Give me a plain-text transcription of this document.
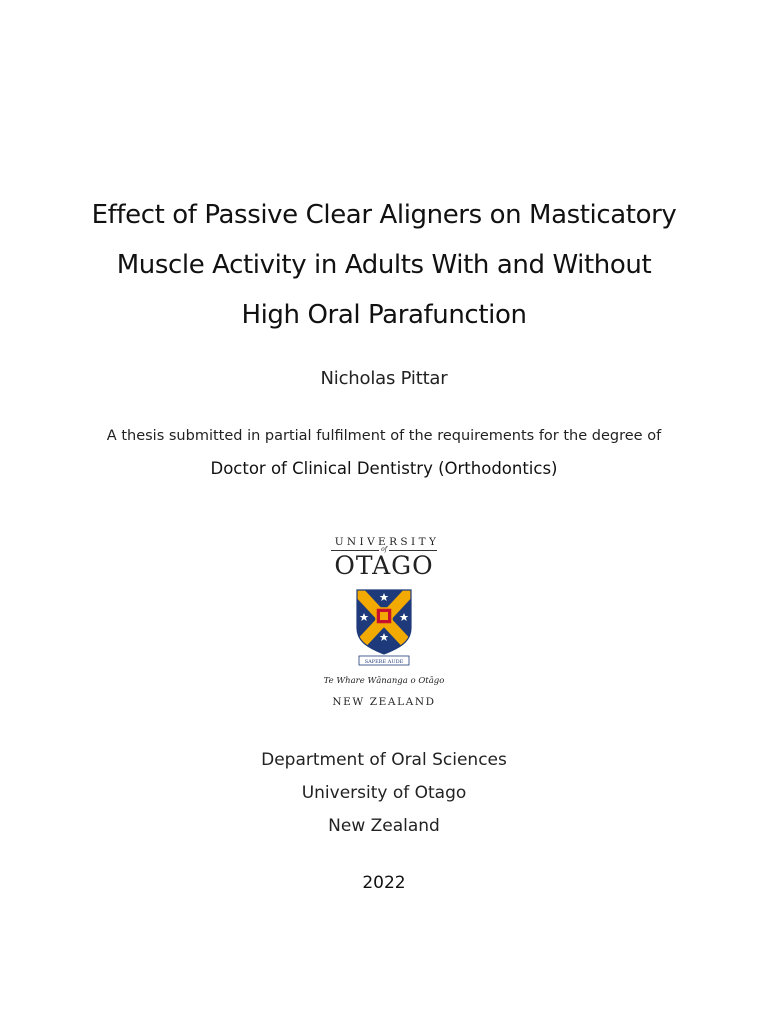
Effect of Passive Clear Aligners on Masticatory
Muscle Activity in Adults With and Without
High Oral Parafunction
Nicholas Pittar
A thesis submitted in partial fulfilment of the requirements for the degree of
Doctor of Clinical Dentistry (Orthodontics)
UNIVERSITY
of
OTAGO
SAPERE AUDE
Te Whare Wānanga o Otāgo
NEW ZEALAND
Department of Oral Sciences
University of Otago
New Zealand
2022
